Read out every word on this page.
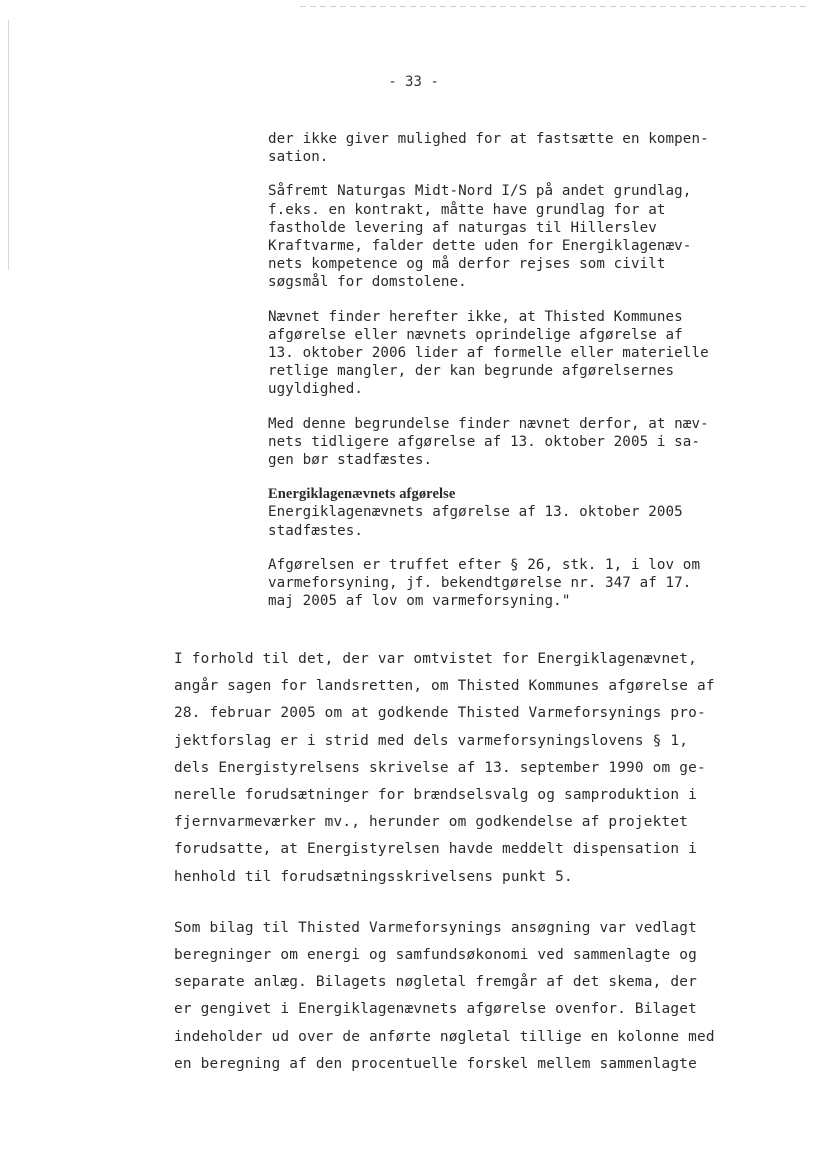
- 33 -

der ikke giver mulighed for at fastsætte en kompen-
sation.

Såfremt Naturgas Midt-Nord I/S på andet grundlag,
f.eks. en kontrakt, måtte have grundlag for at
fastholde levering af naturgas til Hillerslev
Kraftvarme, falder dette uden for Energiklagenæv-
nets kompetence og må derfor rejses som civilt
søgsmål for domstolene.

Nævnet finder herefter ikke, at Thisted Kommunes
afgørelse eller nævnets oprindelige afgørelse af
13. oktober 2006 lider af formelle eller materielle
retlige mangler, der kan begrunde afgørelsernes
ugyldighed.

Med denne begrundelse finder nævnet derfor, at næv-
nets tidligere afgørelse af 13. oktober 2005 i sa-
gen bør stadfæstes.

Energiklagenævnets afgørelse
Energiklagenævnets afgørelse af 13. oktober 2005
stadfæstes.

Afgørelsen er truffet efter § 26, stk. 1, i lov om
varmeforsyning, jf. bekendtgørelse nr. 347 af 17.
maj 2005 af lov om varmeforsyning."

I forhold til det, der var omtvistet for Energiklagenævnet,
angår sagen for landsretten, om Thisted Kommunes afgørelse af
28. februar 2005 om at godkende Thisted Varmeforsynings pro-
jektforslag er i strid med dels varmeforsyningslovens § 1,
dels Energistyrelsens skrivelse af 13. september 1990 om ge-
nerelle forudsætninger for brændselsvalg og samproduktion i
fjernvarmeværker mv., herunder om godkendelse af projektet
forudsatte, at Energistyrelsen havde meddelt dispensation i
henhold til forudsætningsskrivelsens punkt 5.

Som bilag til Thisted Varmeforsynings ansøgning var vedlagt
beregninger om energi og samfundsøkonomi ved sammenlagte og
separate anlæg. Bilagets nøgletal fremgår af det skema, der
er gengivet i Energiklagenævnets afgørelse ovenfor. Bilaget
indeholder ud over de anførte nøgletal tillige en kolonne med
en beregning af den procentuelle forskel mellem sammenlagte
